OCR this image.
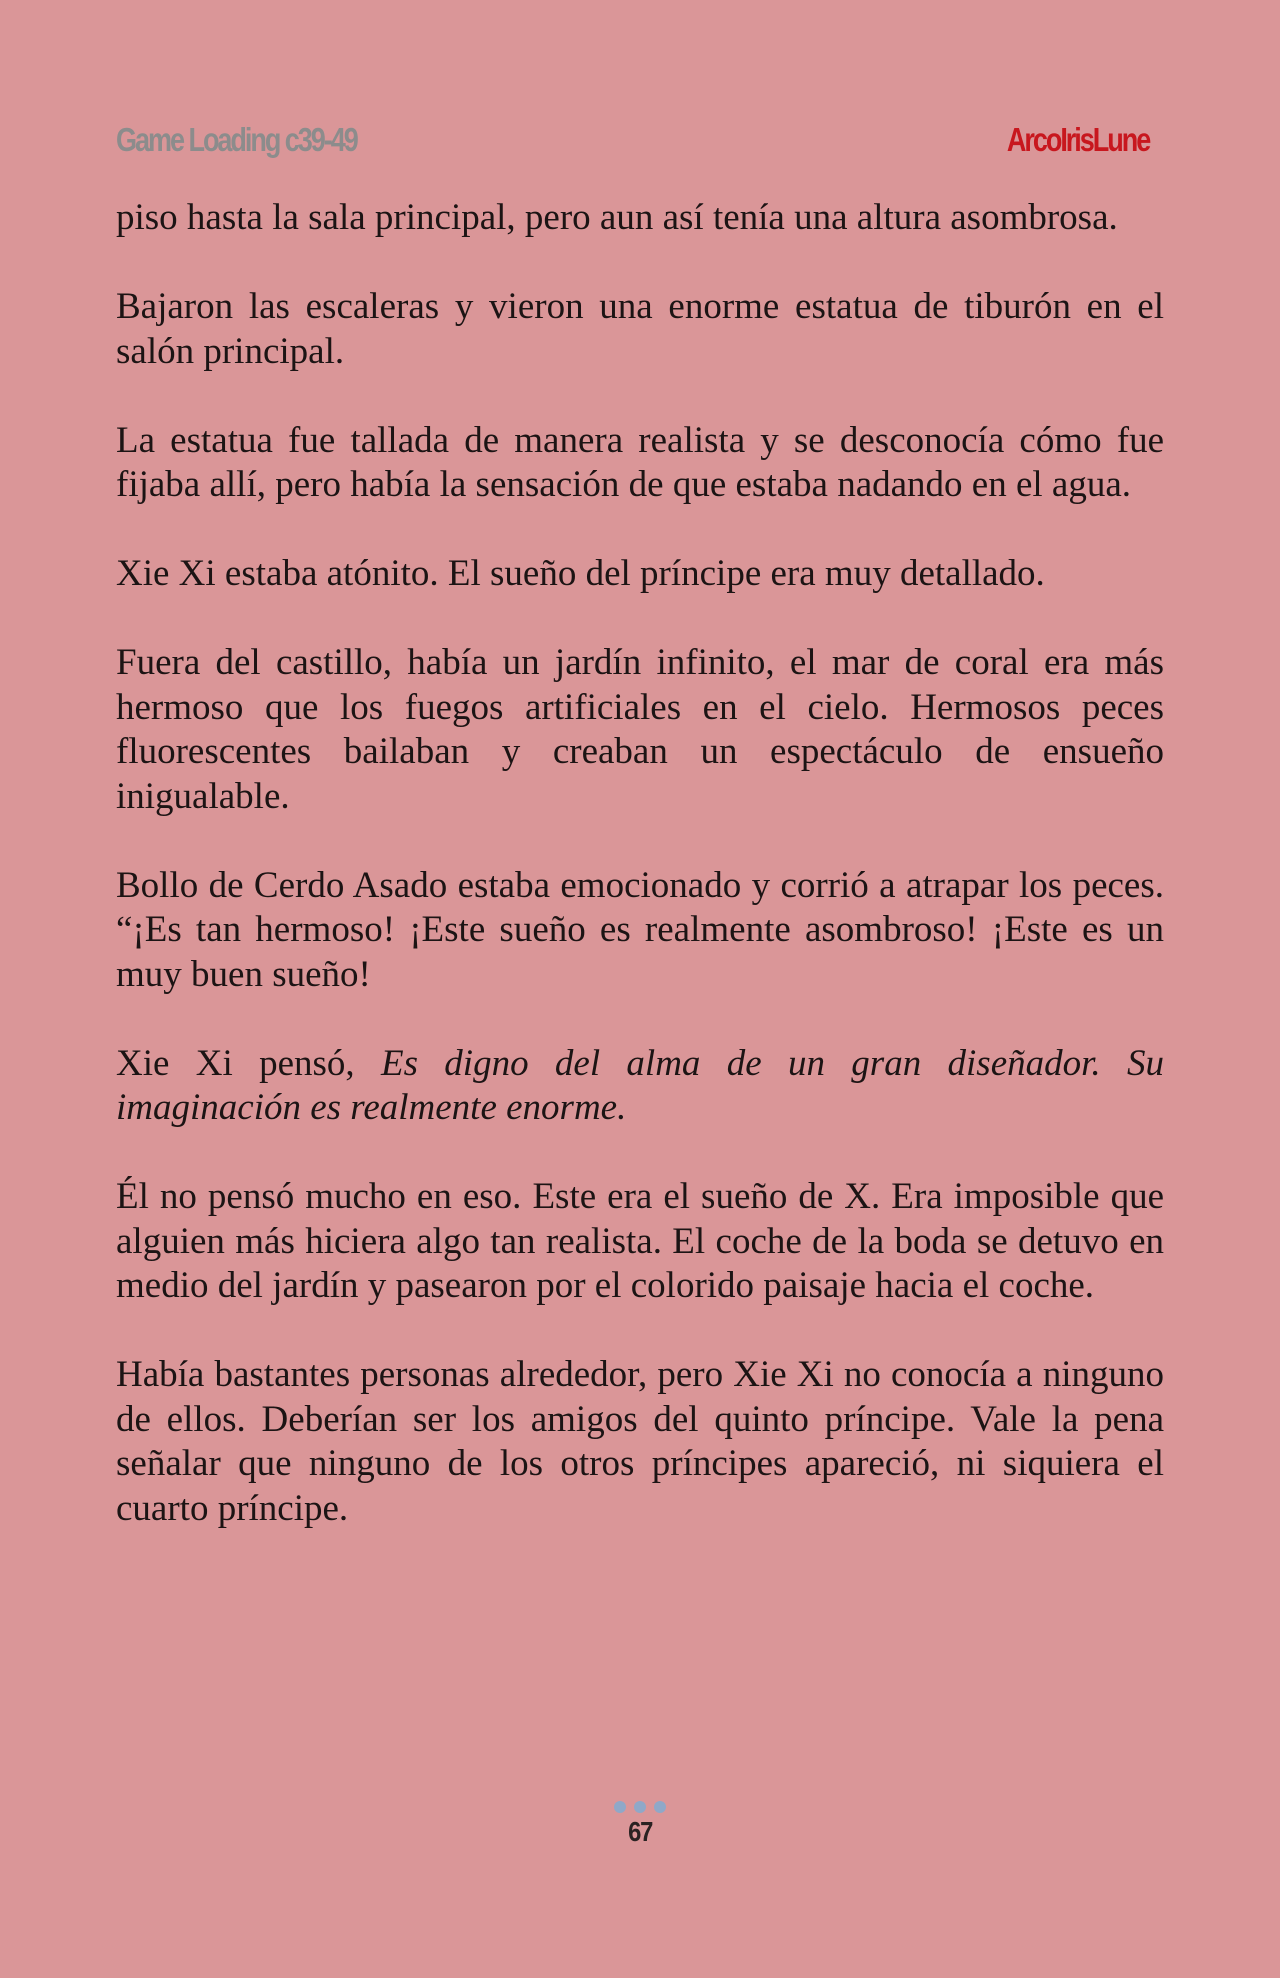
Game Loading c39-49	ArcoIrisLune

piso hasta la sala principal, pero aun así tenía una altura asombrosa.

Bajaron las escaleras y vieron una enorme estatua de tiburón en el salón principal.

La estatua fue tallada de manera realista y se desconocía cómo fue fijaba allí, pero había la sensación de que estaba nadando en el agua.

Xie Xi estaba atónito. El sueño del príncipe era muy detallado.

Fuera del castillo, había un jardín infinito, el mar de coral era más hermoso que los fuegos artificiales en el cielo. Hermosos peces fluorescentes bailaban y creaban un espectáculo de ensueño inigualable.

Bollo de Cerdo Asado estaba emocionado y corrió a atrapar los peces. “¡Es tan hermoso! ¡Este sueño es realmente asombroso! ¡Este es un muy buen sueño!

Xie Xi pensó, Es digno del alma de un gran diseñador. Su imaginación es realmente enorme.

Él no pensó mucho en eso. Este era el sueño de X. Era imposible que alguien más hiciera algo tan realista. El coche de la boda se detuvo en medio del jardín y pasearon por el colorido paisaje hacia el coche.

Había bastantes personas alrededor, pero Xie Xi no conocía a ninguno de ellos. Deberían ser los amigos del quinto príncipe. Vale la pena señalar que ninguno de los otros príncipes apareció, ni siquiera el cuarto príncipe.

67
